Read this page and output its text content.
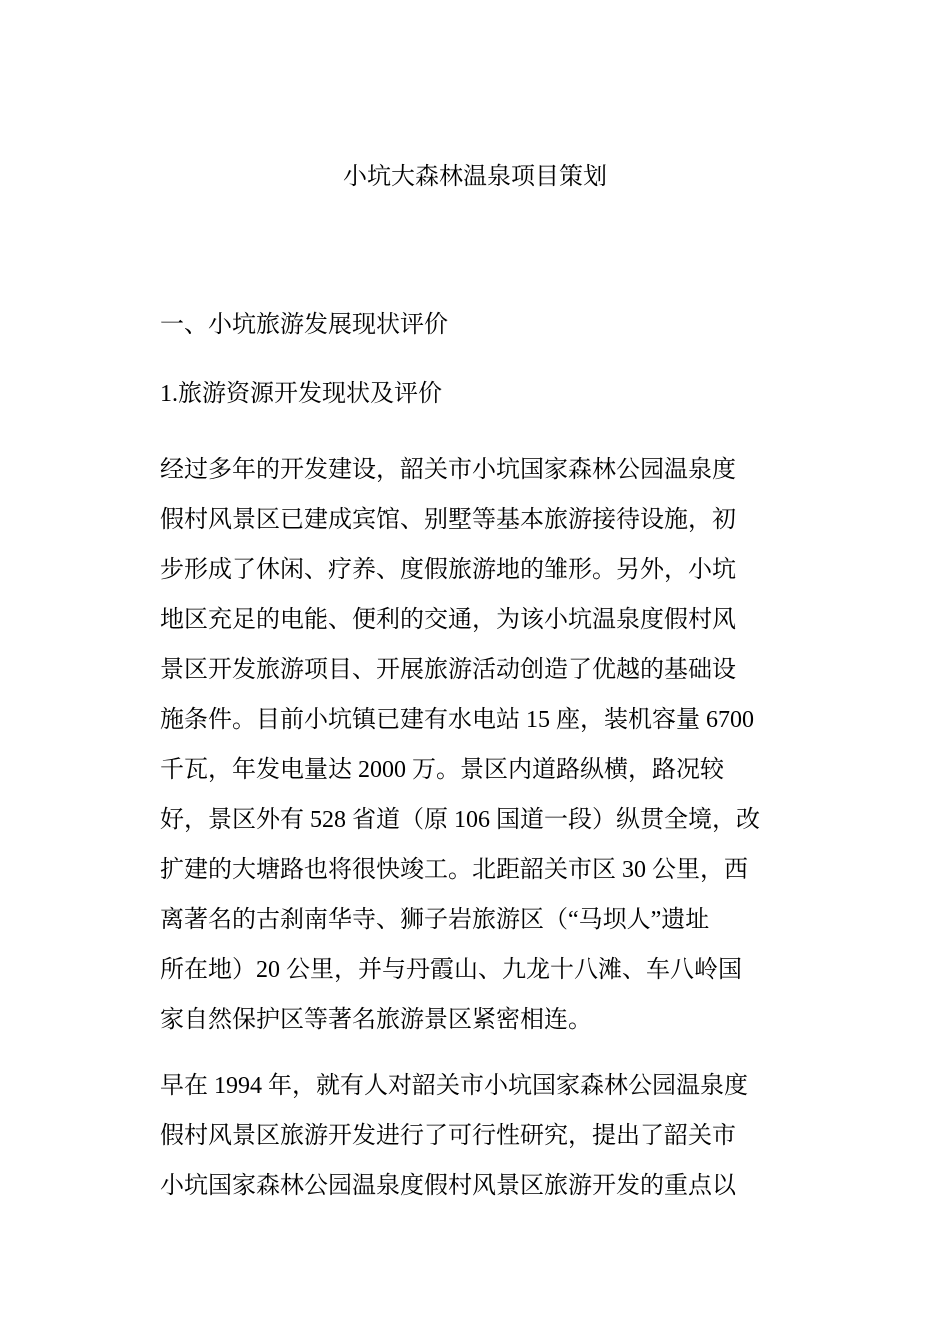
小坑大森林温泉项目策划
一、小坑旅游发展现状评价
1.旅游资源开发现状及评价
经过多年的开发建设，韶关市小坑国家森林公园温泉度
假村风景区已建成宾馆、别墅等基本旅游接待设施，初
步形成了休闲、疗养、度假旅游地的雏形。另外，小坑
地区充足的电能、便利的交通，为该小坑温泉度假村风
景区开发旅游项目、开展旅游活动创造了优越的基础设
施条件。目前小坑镇已建有水电站 15 座，装机容量 6700
千瓦，年发电量达 2000 万。景区内道路纵横，路况较
好，景区外有 528 省道（原 106 国道一段）纵贯全境，改
扩建的大塘路也将很快竣工。北距韶关市区 30 公里，西
离著名的古刹南华寺、狮子岩旅游区（“马坝人”遗址
所在地）20 公里，并与丹霞山、九龙十八滩、车八岭国
家自然保护区等著名旅游景区紧密相连。
早在 1994 年，就有人对韶关市小坑国家森林公园温泉度
假村风景区旅游开发进行了可行性研究，提出了韶关市
小坑国家森林公园温泉度假村风景区旅游开发的重点以
